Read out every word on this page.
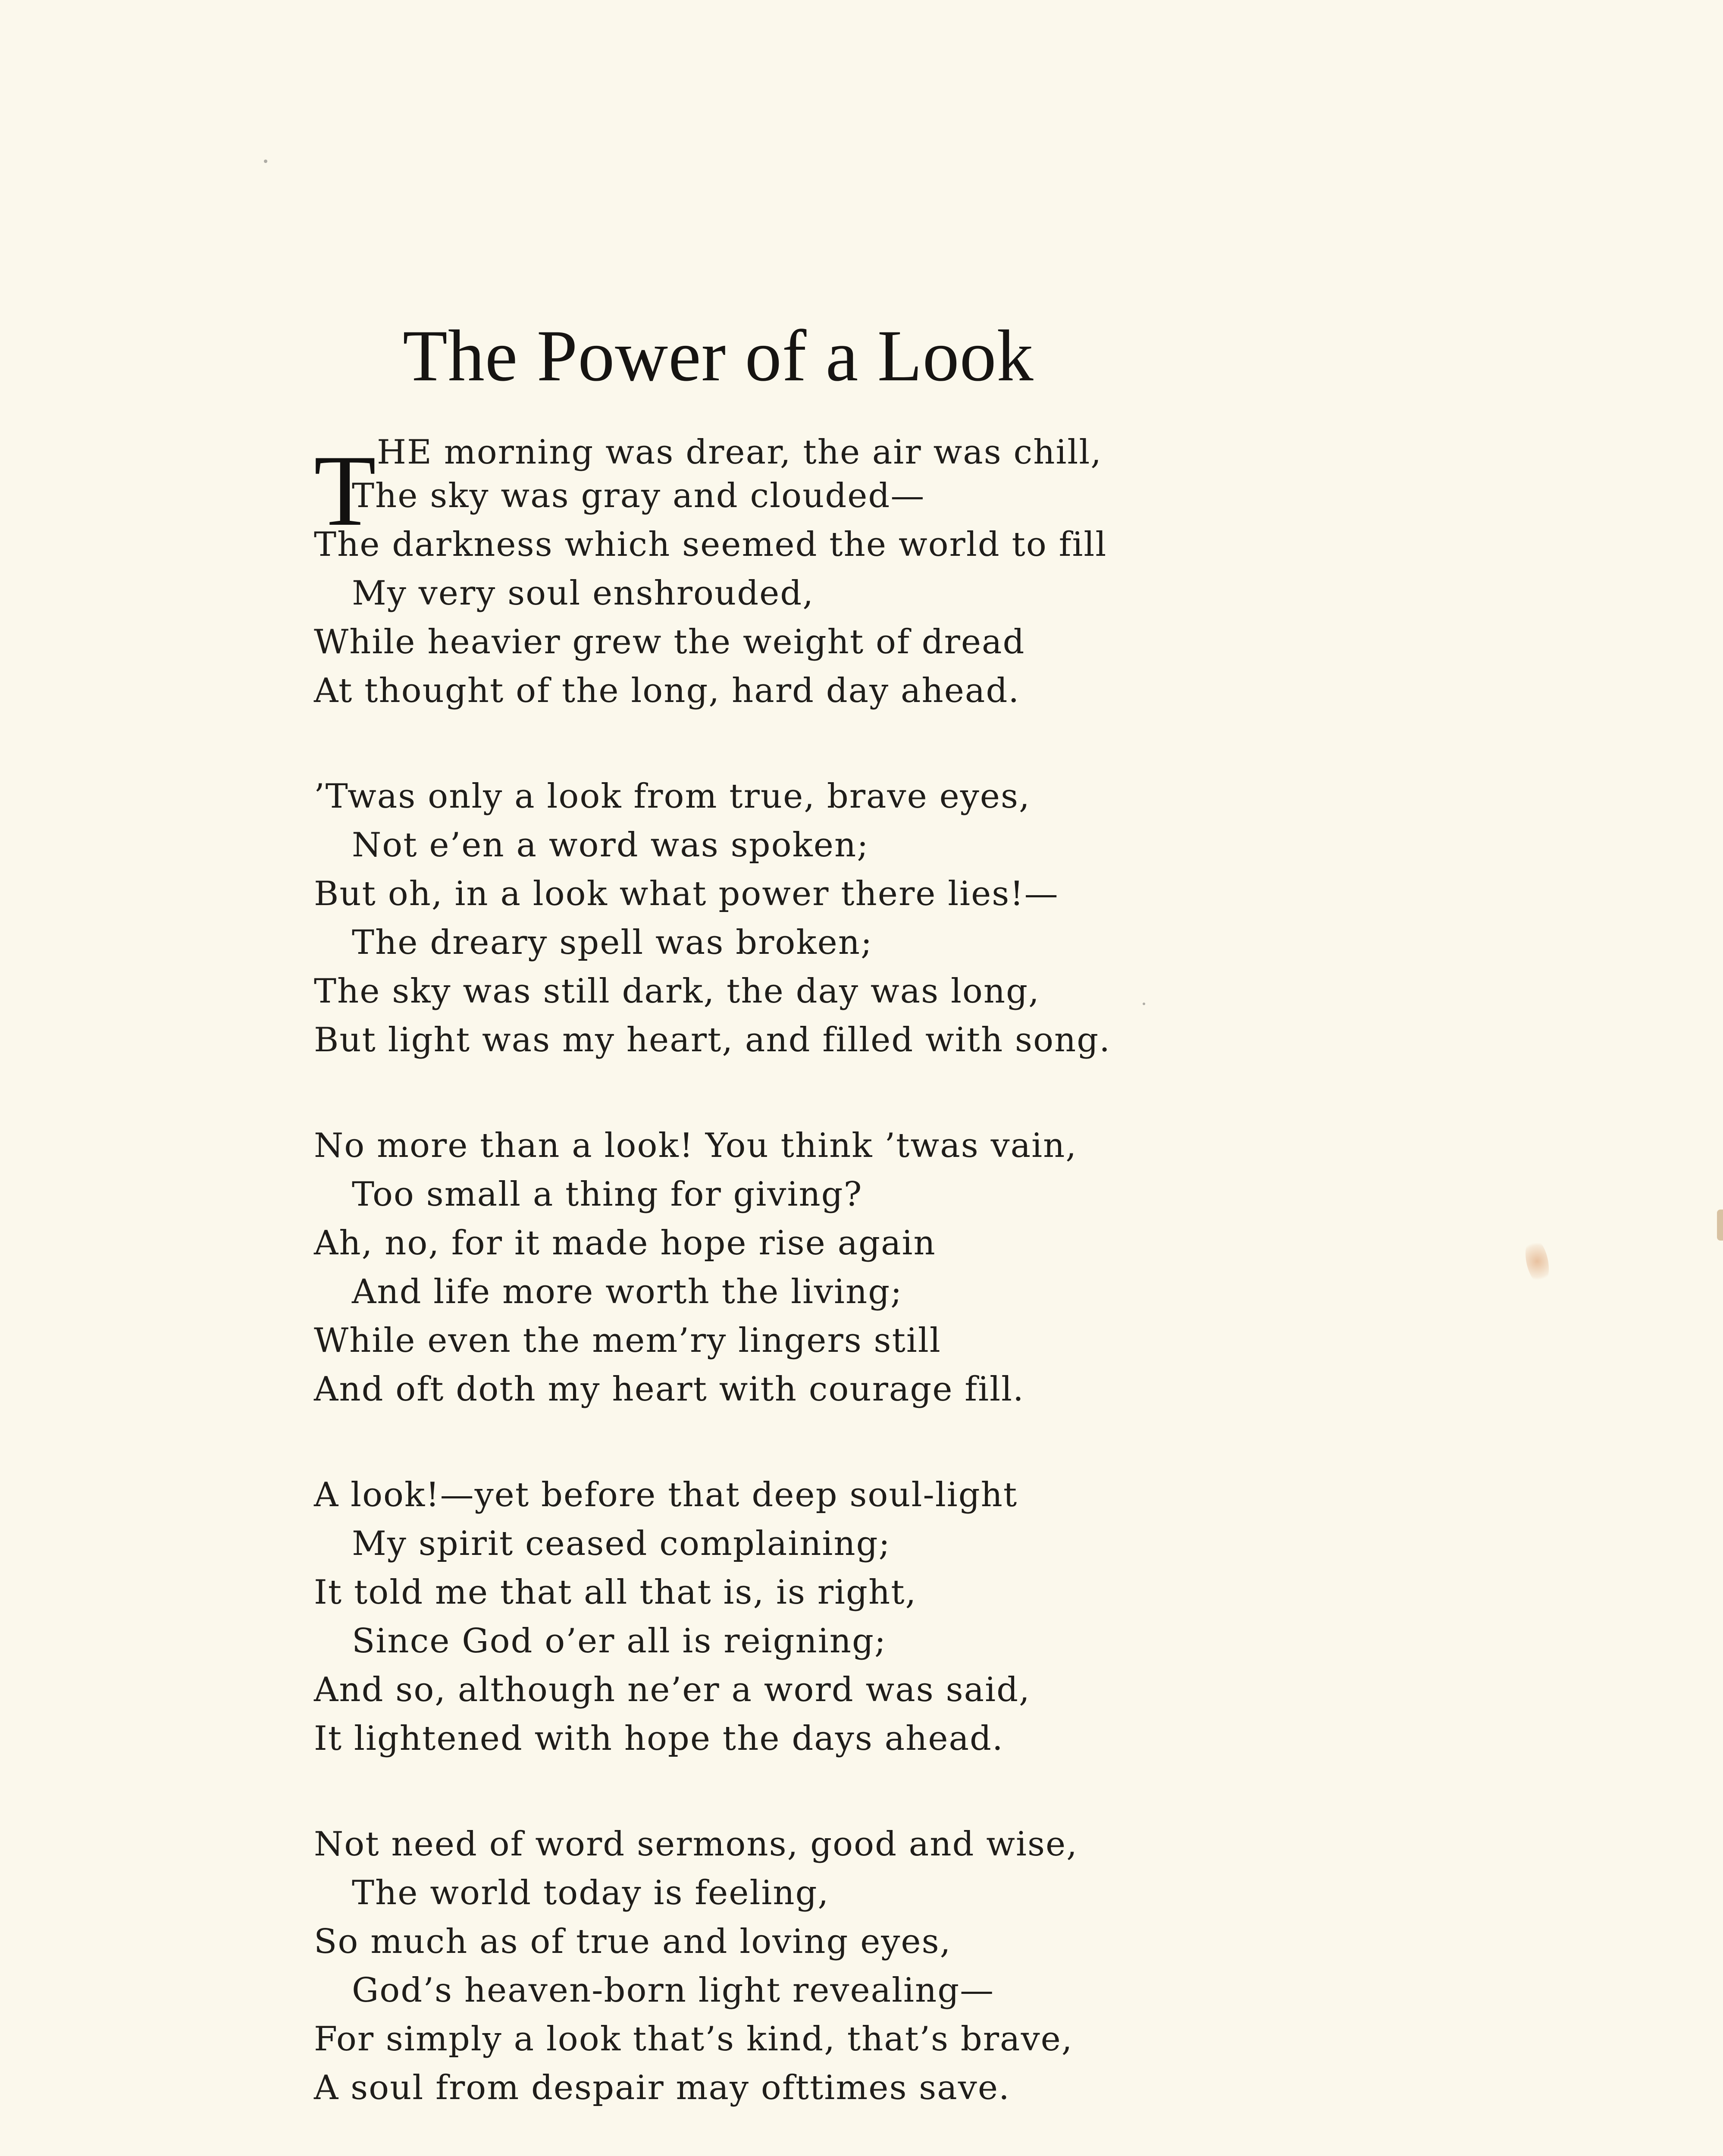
The Power of a Look
THE morning was drear, the air was chill,
The sky was gray and clouded—
The darkness which seemed the world to fill
My very soul enshrouded,
While heavier grew the weight of dread
At thought of the long, hard day ahead.
’Twas only a look from true, brave eyes,
Not e’en a word was spoken;
But oh, in a look what power there lies!—
The dreary spell was broken;
The sky was still dark, the day was long,
But light was my heart, and filled with song.
No more than a look! You think ’twas vain,
Too small a thing for giving?
Ah, no, for it made hope rise again
And life more worth the living;
While even the mem’ry lingers still
And oft doth my heart with courage fill.
A look!—yet before that deep soul-light
My spirit ceased complaining;
It told me that all that is, is right,
Since God o’er all is reigning;
And so, although ne’er a word was said,
It lightened with hope the days ahead.
Not need of word sermons, good and wise,
The world today is feeling,
So much as of true and loving eyes,
God’s heaven-born light revealing—
For simply a look that’s kind, that’s brave,
A soul from despair may ofttimes save.
